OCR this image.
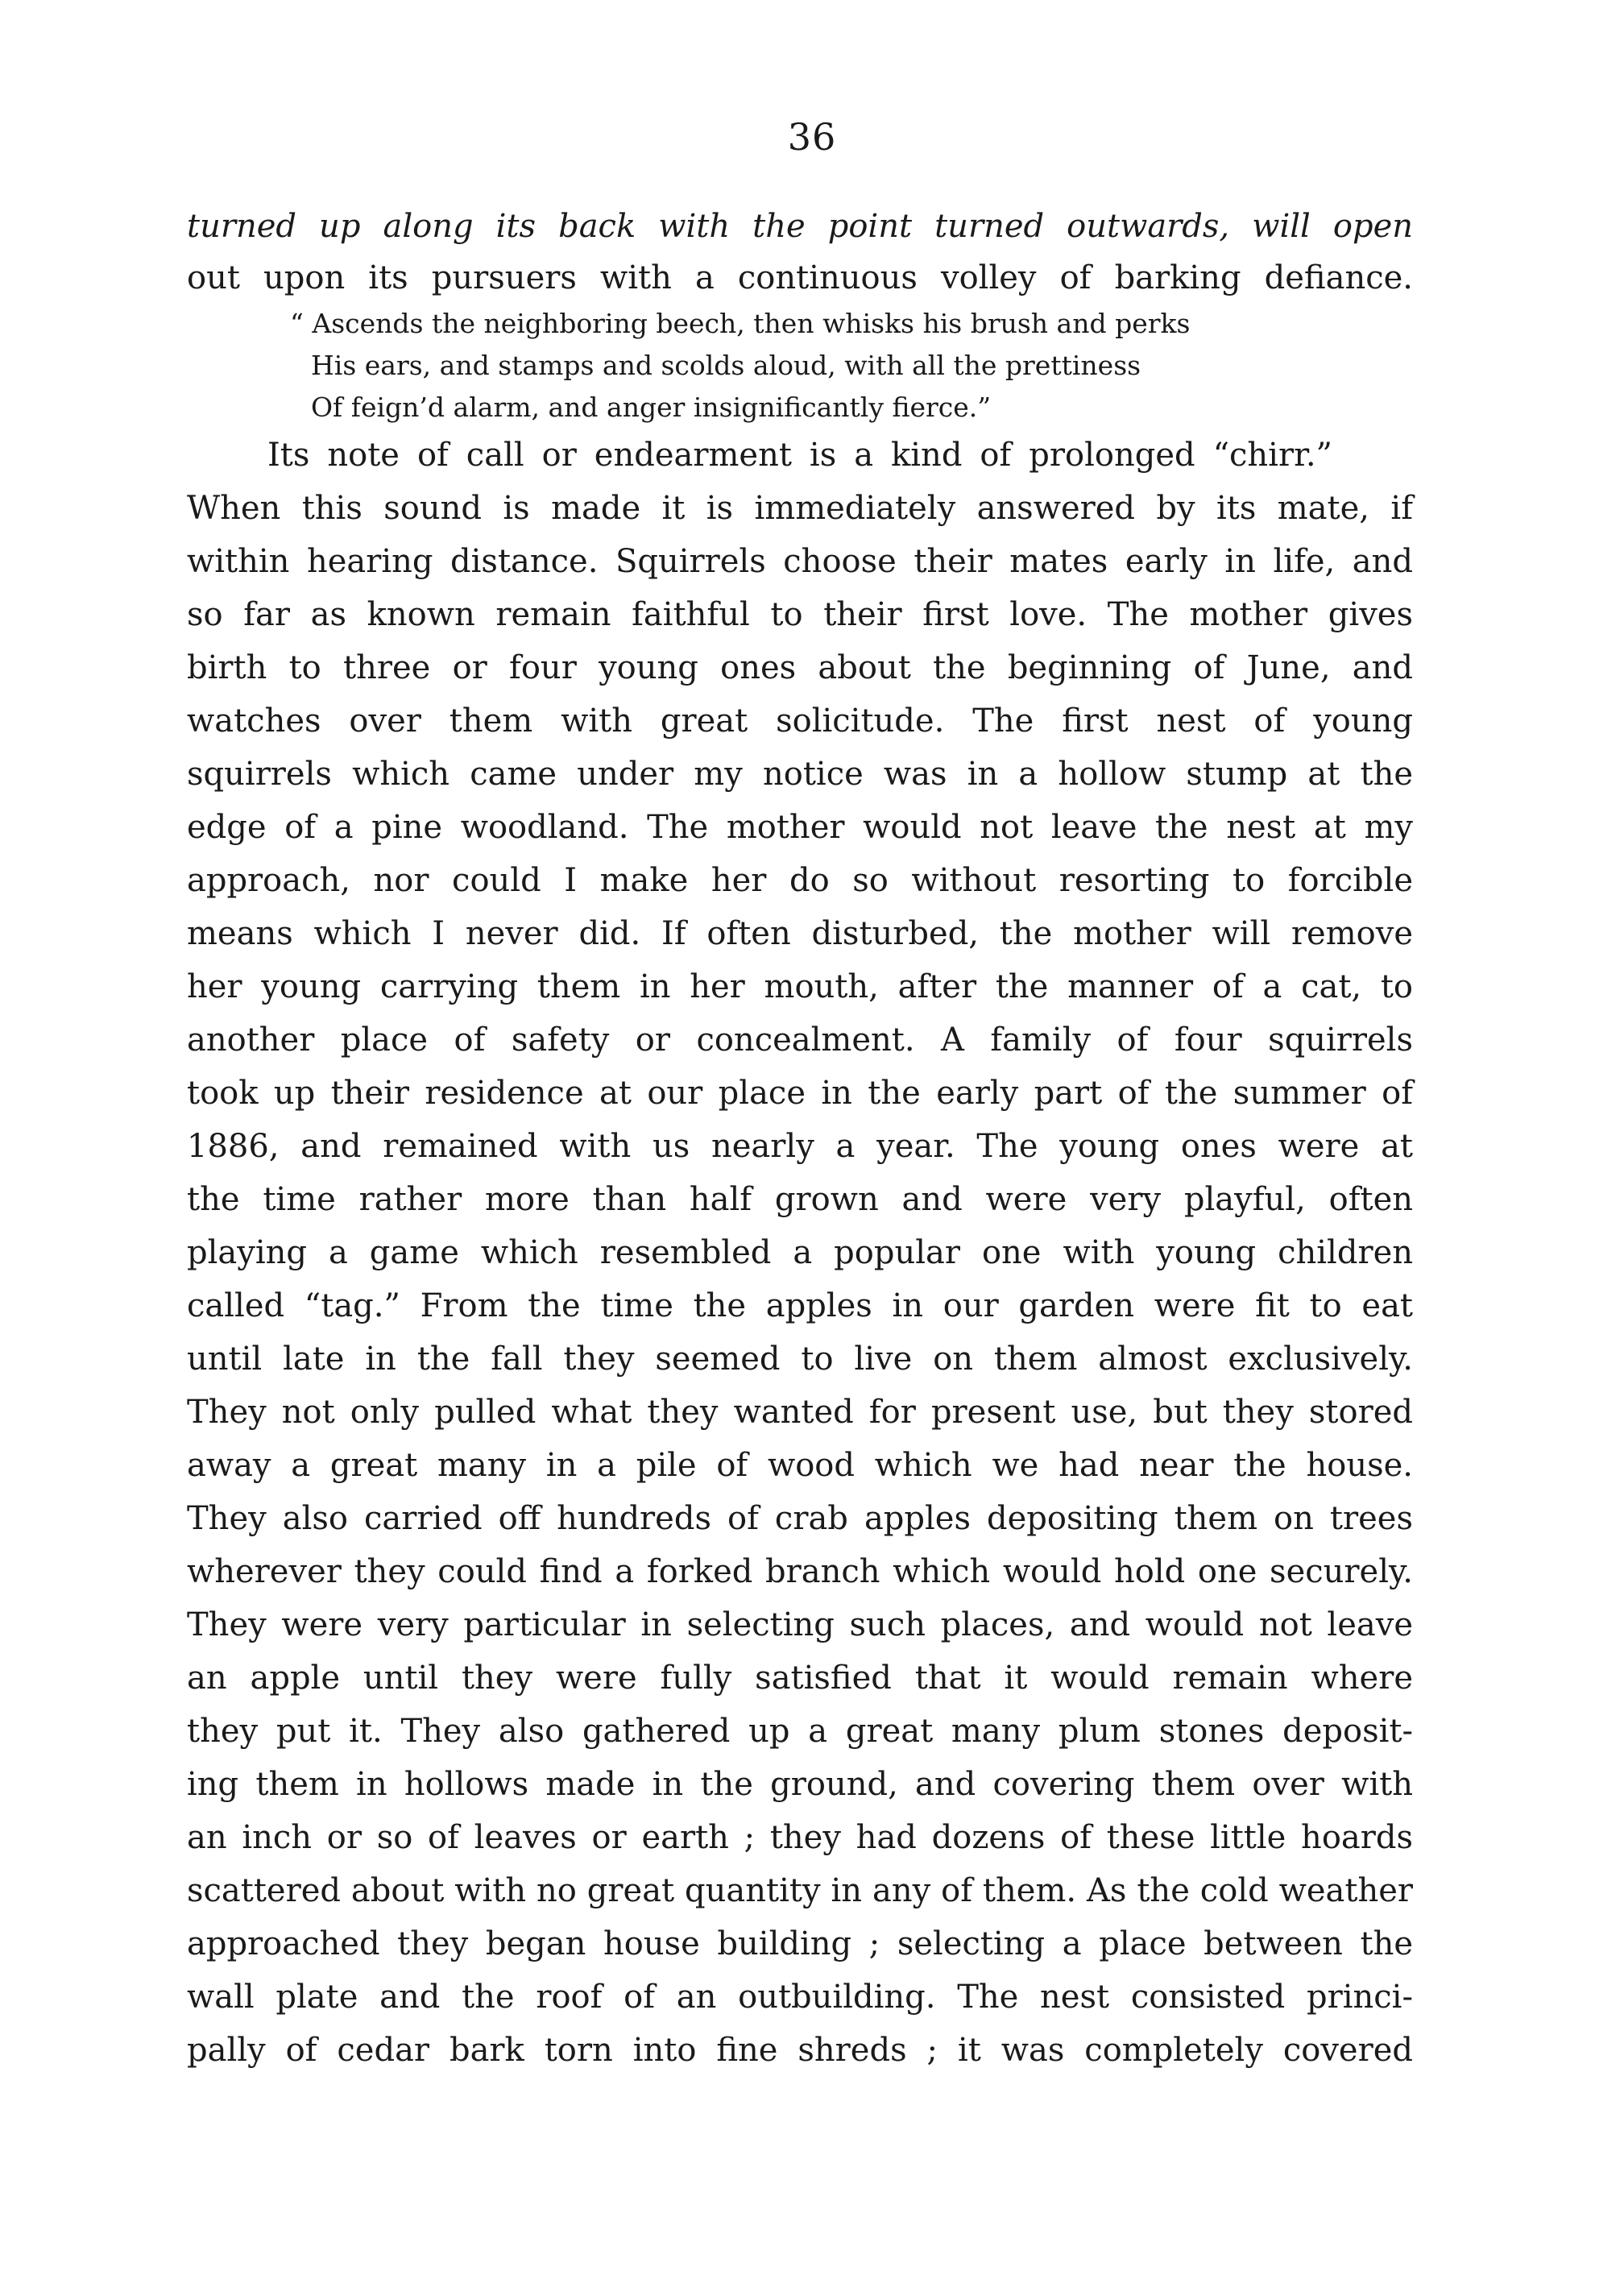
36
turned up along its back with the point turned outwards, will open
out upon its pursuers with a continuous volley of barking defiance.
“ Ascends the neighboring beech, then whisks his brush and perks
His ears, and stamps and scolds aloud, with all the prettiness
Of feign’d alarm, and anger insignificantly fierce.”
Its note of call or endearment is a kind of prolonged “chirr.” When this sound is made it is immediately answered by its mate, if within hearing distance. Squirrels choose their mates early in life, and so far as known remain faithful to their first love. The mother gives birth to three or four young ones about the beginning of June, and watches over them with great solicitude. The first nest of young squirrels which came under my notice was in a hollow stump at the edge of a pine woodland. The mother would not leave the nest at my approach, nor could I make her do so without resorting to forcible means which I never did. If often disturbed, the mother will remove her young carrying them in her mouth, after the manner of a cat, to another place of safety or concealment. A family of four squirrels took up their residence at our place in the early part of the summer of 1886, and remained with us nearly a year. The young ones were at the time rather more than half grown and were very playful, often playing a game which resembled a popular one with young children called “tag.” From the time the apples in our garden were fit to eat until late in the fall they seemed to live on them almost exclusively. They not only pulled what they wanted for present use, but they stored away a great many in a pile of wood which we had near the house. They also carried off hundreds of crab apples depositing them on trees wherever they could find a forked branch which would hold one securely. They were very particular in selecting such places, and would not leave an apple until they were fully satisfied that it would remain where they put it. They also gathered up a great many plum stones deposit- ing them in hollows made in the ground, and covering them over with an inch or so of leaves or earth ; they had dozens of these little hoards scattered about with no great quantity in any of them. As the cold weather approached they began house building ; selecting a place between the wall plate and the roof of an outbuilding. The nest consisted princi- pally of cedar bark torn into fine shreds ; it was completely covered
